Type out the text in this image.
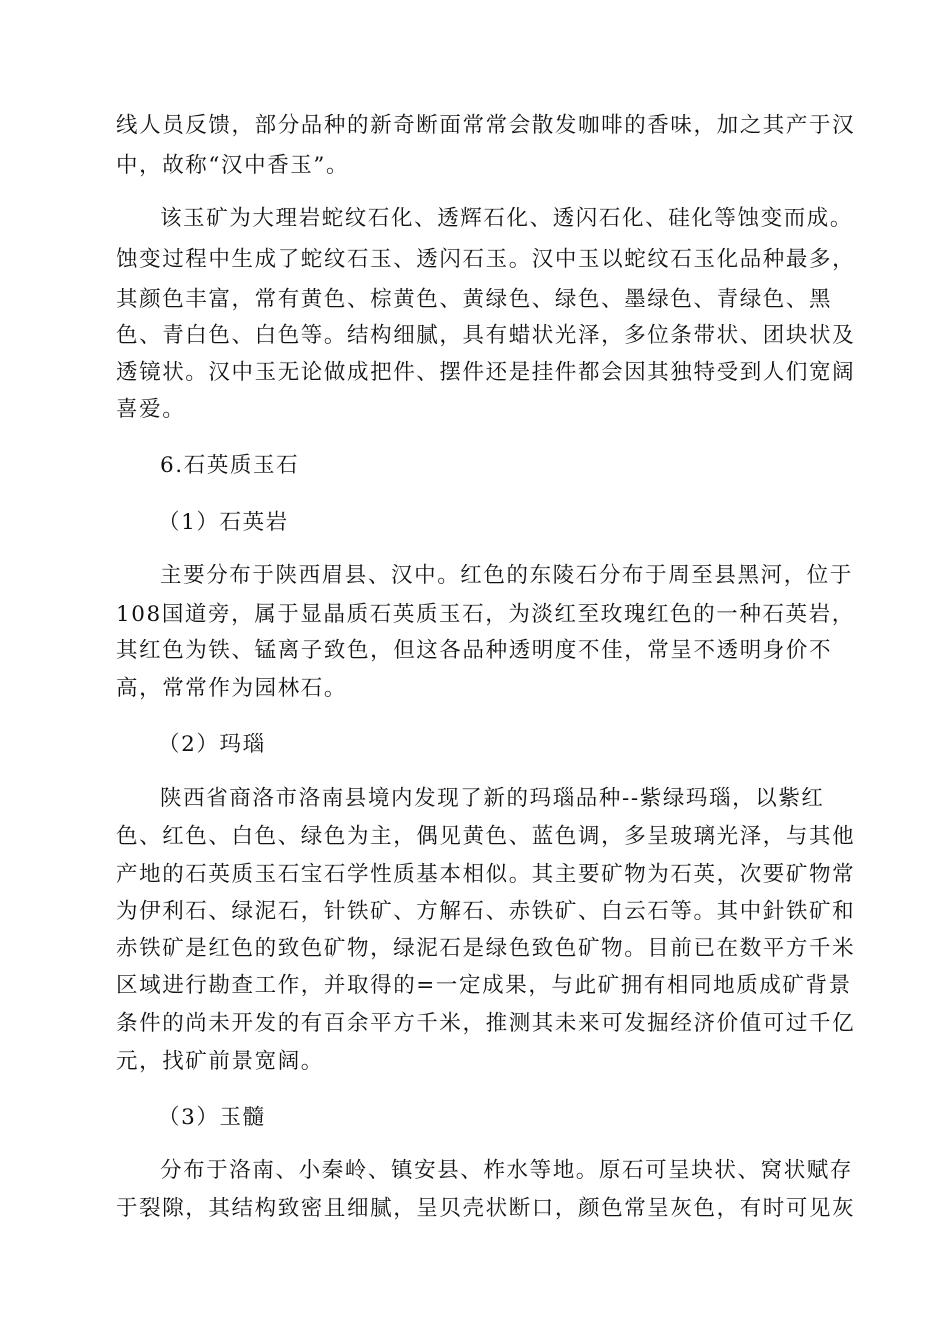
线人员反馈，部分品种的新奇断面常常会散发咖啡的香味，加之其产于汉
中，故称“汉中香玉”。
该玉矿为大理岩蛇纹石化、透辉石化、透闪石化、硅化等蚀变而成。
蚀变过程中生成了蛇纹石玉、透闪石玉。汉中玉以蛇纹石玉化品种最多，
其颜色丰富，常有黄色、棕黄色、黄绿色、绿色、墨绿色、青绿色、黑
色、青白色、白色等。结构细腻，具有蜡状光泽，多位条带状、团块状及
透镜状。汉中玉无论做成把件、摆件还是挂件都会因其独特受到人们宽阔
喜爱。
6.石英质玉石
（1）石英岩
主要分布于陕西眉县、汉中。红色的东陵石分布于周至县黑河，位于
108国道旁，属于显晶质石英质玉石，为淡红至玫瑰红色的一种石英岩，
其红色为铁、锰离子致色，但这各品种透明度不佳，常呈不透明身价不
高，常常作为园林石。
（2）玛瑙
陕西省商洛市洛南县境内发现了新的玛瑙品种--紫绿玛瑙，以紫红
色、红色、白色、绿色为主，偶见黄色、蓝色调，多呈玻璃光泽，与其他
产地的石英质玉石宝石学性质基本相似。其主要矿物为石英，次要矿物常
为伊利石、绿泥石，针铁矿、方解石、赤铁矿、白云石等。其中針铁矿和
赤铁矿是红色的致色矿物，绿泥石是绿色致色矿物。目前已在数平方千米
区域进行勘查工作，并取得的=一定成果，与此矿拥有相同地质成矿背景
条件的尚未开发的有百余平方千米，推测其未来可发掘经济价值可过千亿
元，找矿前景宽阔。
（3）玉髓
分布于洛南、小秦岭、镇安县、柞水等地。原石可呈块状、窝状赋存
于裂隙，其结构致密且细腻，呈贝壳状断口，颜色常呈灰色，有时可见灰
